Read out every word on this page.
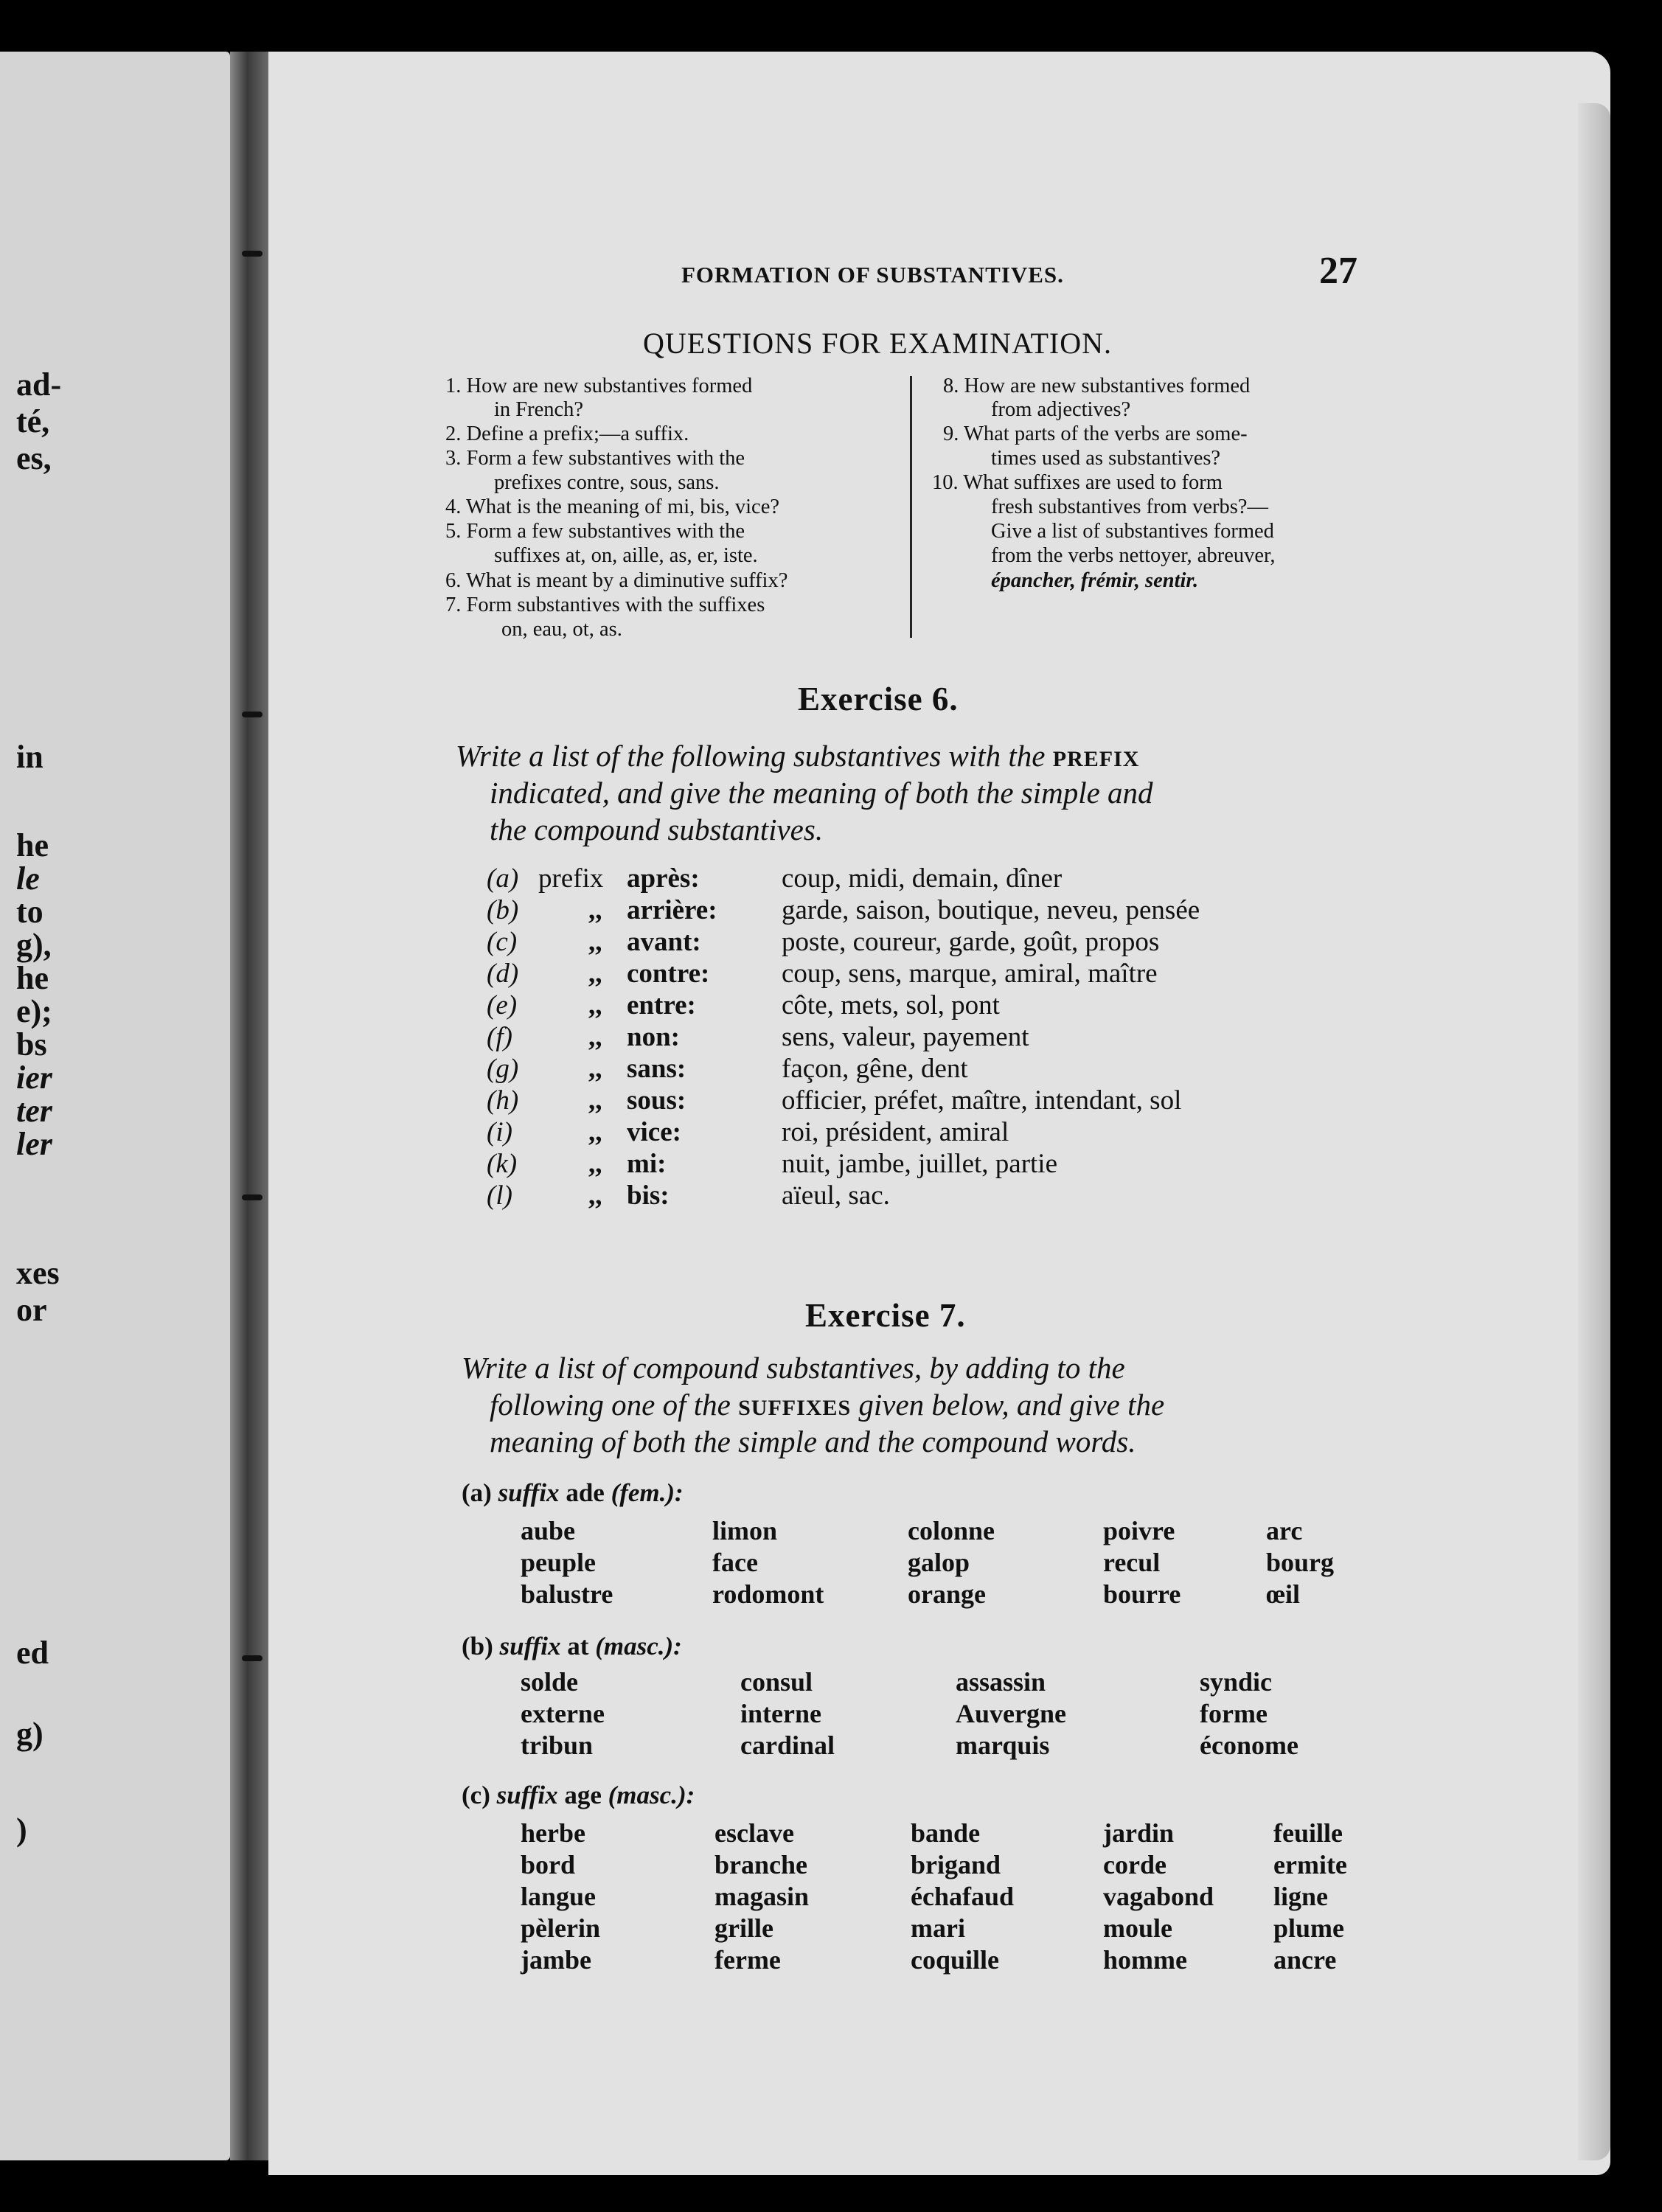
ad-
té,
es,
in
he
le
to
g),
he
e);
bs
ier
ter
ler
xes
or
ed
g)
)
FORMATION OF SUBSTANTIVES.	27
QUESTIONS FOR EXAMINATION.
1. How are new substantives formed
in French?
2. Define a prefix;—a suffix.
3. Form a few substantives with the
prefixes contre, sous, sans.
4. What is the meaning of mi, bis, vice?
5. Form a few substantives with the
suffixes at, on, aille, as, er, iste.
6. What is meant by a diminutive suffix?
7. Form substantives with the suffixes
on, eau, ot, as.
8. How are new substantives formed
from adjectives?
9. What parts of the verbs are some-
times used as substantives?
10. What suffixes are used to form
fresh substantives from verbs?—
Give a list of substantives formed
from the verbs nettoyer, abreuver,
épancher, frémir, sentir.
Exercise 6.
Write a list of the following substantives with the PREFIX
indicated, and give the meaning of both the simple and
the compound substantives.
(a) prefix après:	coup, midi, demain, dîner
(b)	,, arrière: garde, saison, boutique, neveu, pensée
(c)	,, avant:	poste, coureur, garde, goût, propos
(d)	,, contre:	coup, sens, marque, amiral, maître
(e)	,, entre:	côte, mets, sol, pont
(f)	,, non:	sens, valeur, payement
(g)	,, sans:	façon, gêne, dent
(h)	,, sous:	officier, préfet, maître, intendant, sol
(i)	,, vice:	roi, président, amiral
(k)	,, mi:	nuit, jambe, juillet, partie
(l)	,, bis:	aïeul, sac.
Exercise 7.
Write a list of compound substantives, by adding to the
following one of the SUFFIXES given below, and give the
meaning of both the simple and the compound words.
(a) suffix ade (fem.):
aube	limon	colonne	poivre	arc
peuple	face	galop	recul	bourg
balustre	rodomont	orange	bourre	œil
(b) suffix at (masc.):
solde	consul	assassin	syndic
externe	interne	Auvergne	forme
tribun	cardinal	marquis	économe
(c) suffix age (masc.):
herbe	esclave	bande	jardin	feuille
bord	branche	brigand	corde	ermite
langue	magasin	échafaud	vagabond ligne
pèlerin	grille	mari	moule	plume
jambe	ferme	coquille	homme	ancre
